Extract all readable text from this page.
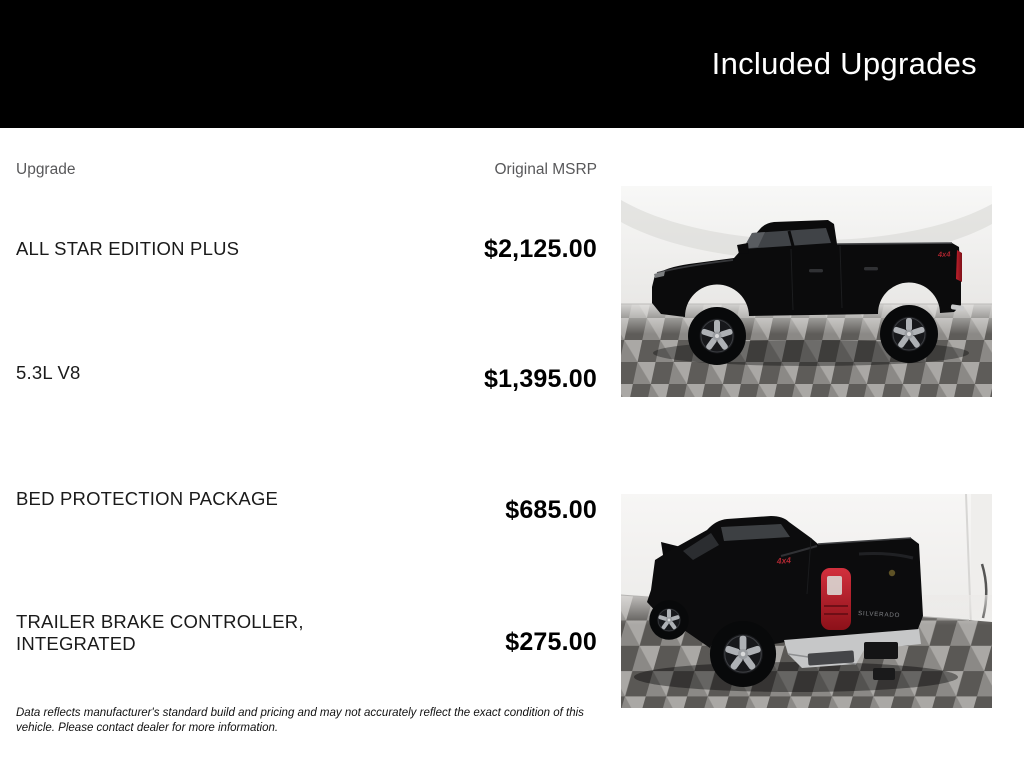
Included Upgrades
Upgrade	Original MSRP
ALL STAR EDITION PLUS	$2,125.00
5.3L V8	$1,395.00
BED PROTECTION PACKAGE	$685.00
TRAILER BRAKE CONTROLLER, INTEGRATED	$275.00
4x4
SILVERADO
4x4

Data reflects manufacturer's standard build and pricing and may not accurately reflect the exact condition of this vehicle. Please contact dealer for more information.
